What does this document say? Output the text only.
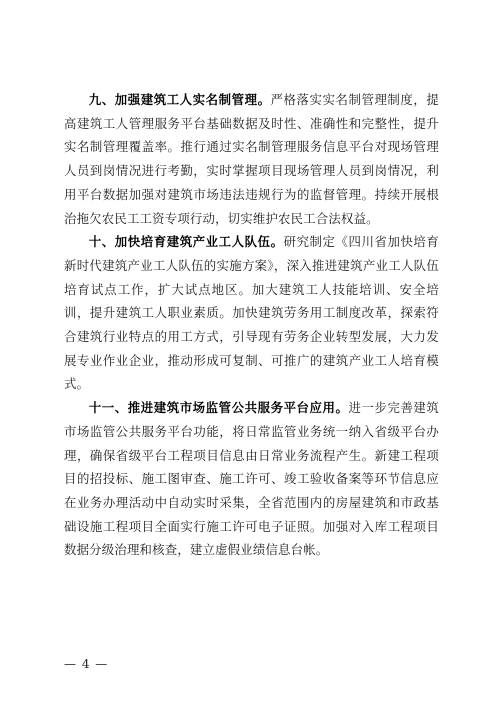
九、加强建筑工人实名制管理。严格落实实名制管理制度，提高建筑工人管理服务平台基础数据及时性、准确性和完整性，提升实名制管理覆盖率。推行通过实名制管理服务信息平台对现场管理人员到岗情况进行考勤，实时掌握项目现场管理人员到岗情况，利用平台数据加强对建筑市场违法违规行为的监督管理。持续开展根治拖欠农民工工资专项行动，切实维护农民工合法权益。

十、加快培育建筑产业工人队伍。研究制定《四川省加快培育新时代建筑产业工人队伍的实施方案》，深入推进建筑产业工人队伍培育试点工作，扩大试点地区。加大建筑工人技能培训、安全培训，提升建筑工人职业素质。加快建筑劳务用工制度改革，探索符合建筑行业特点的用工方式，引导现有劳务企业转型发展，大力发展专业作业企业，推动形成可复制、可推广的建筑产业工人培育模式。

十一、推进建筑市场监管公共服务平台应用。进一步完善建筑市场监管公共服务平台功能，将日常监管业务统一纳入省级平台办理，确保省级平台工程项目信息由日常业务流程产生。新建工程项目的招投标、施工图审查、施工许可、竣工验收备案等环节信息应在业务办理活动中自动实时采集，全省范围内的房屋建筑和市政基础设施工程项目全面实行施工许可电子证照。加强对入库工程项目数据分级治理和核查，建立虚假业绩信息台帐。

— 4 —
